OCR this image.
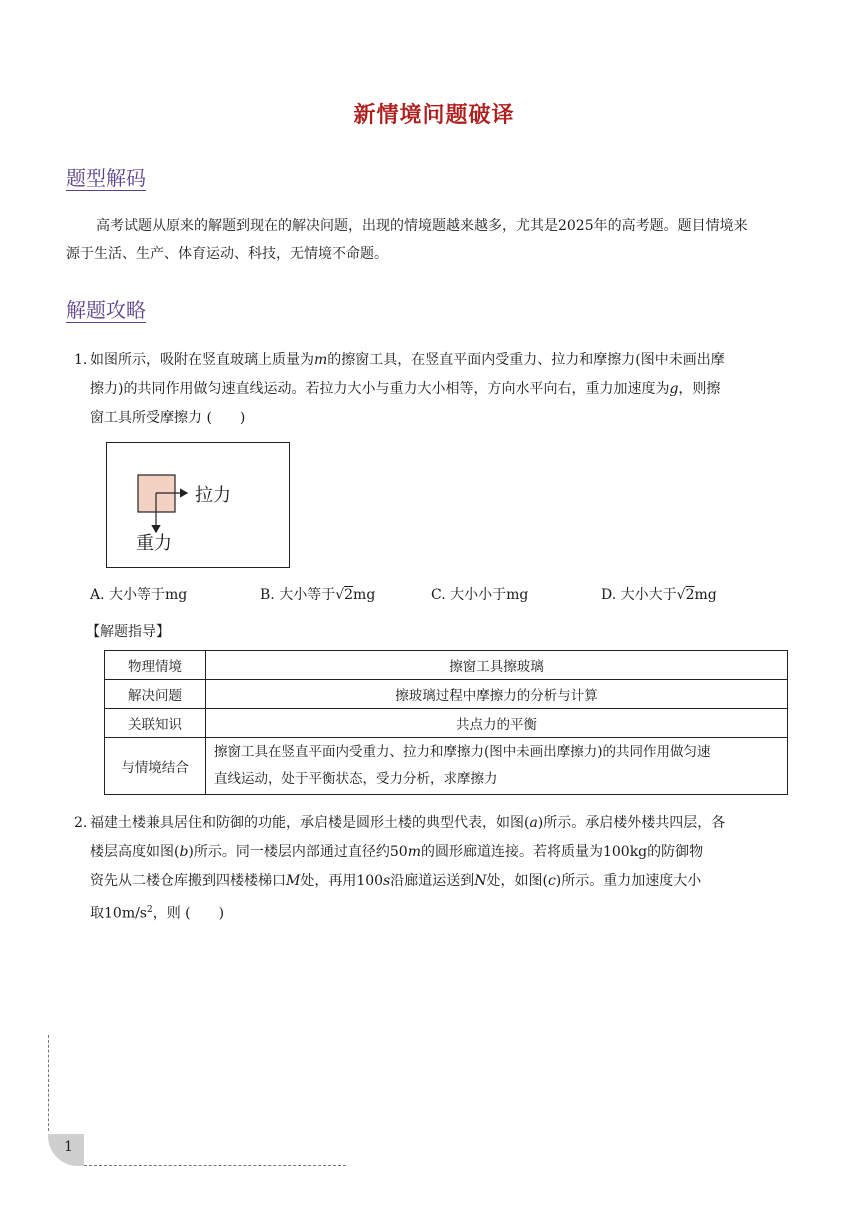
新情境问题破译
题型解码
高考试题从原来的解题到现在的解决问题，出现的情境题越来越多，尤其是2025年的高考题。题目情境来
源于生活、生产、体育运动、科技，无情境不命题。
解题攻略
1. 如图所示，吸附在竖直玻璃上质量为𝑚的擦窗工具，在竖直平面内受重力、拉力和摩擦力(图中未画出摩
擦力)的共同作用做匀速直线运动。若拉力大小与重力大小相等，方向水平向右，重力加速度为𝑔，则擦
窗工具所受摩擦力 (　　)
拉力
重力
A. 大小等于mg	B. 大小等于√2mg	C. 大小小于mg	D. 大小大于√2mg
【解题指导】
物理情境	擦窗工具擦玻璃
解决问题	擦玻璃过程中摩擦力的分析与计算
关联知识	共点力的平衡
与情境结合	擦窗工具在竖直平面内受重力、拉力和摩擦力(图中未画出摩擦力)的共同作用做匀速
直线运动，处于平衡状态，受力分析，求摩擦力
2. 福建土楼兼具居住和防御的功能，承启楼是圆形土楼的典型代表，如图(𝑎)所示。承启楼外楼共四层，各
楼层高度如图(𝑏)所示。同一楼层内部通过直径约50𝑚的圆形廊道连接。若将质量为100kg的防御物
资先从二楼仓库搬到四楼楼梯口𝑀处，再用100𝑠沿廊道运送到𝑁处，如图(𝑐)所示。重力加速度大小
取$10m/s^2$，则 (　　)
1
